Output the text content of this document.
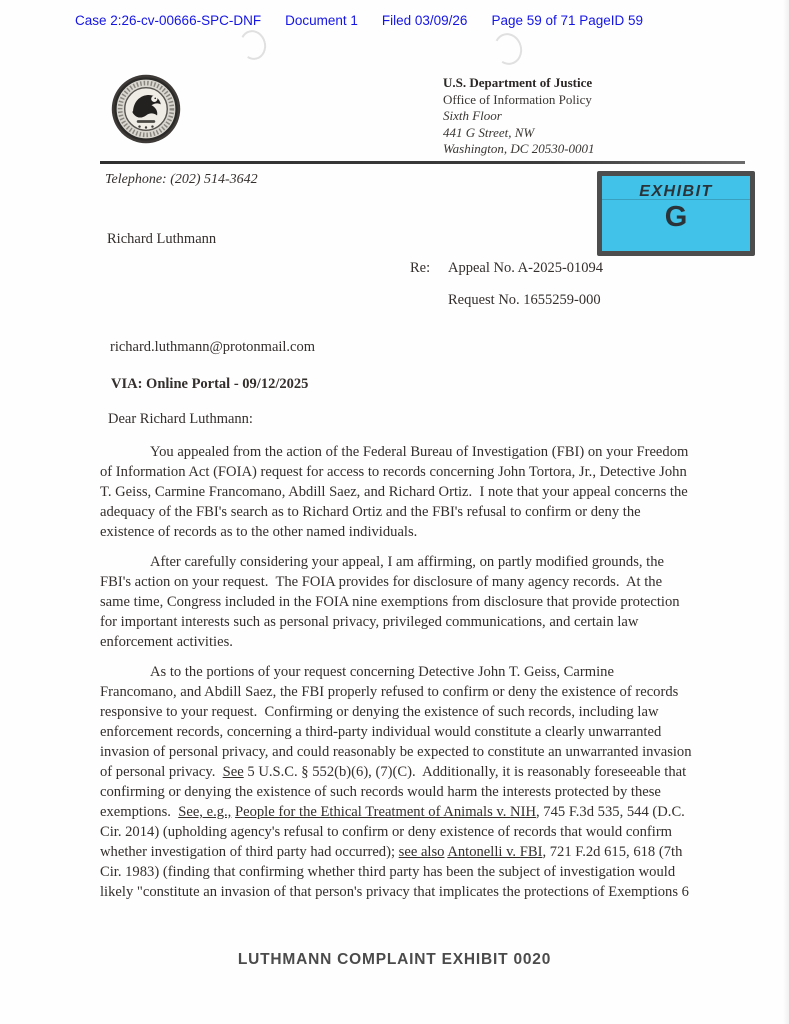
Case 2:26-cv-00666-SPC-DNF Document 1 Filed 03/09/26 Page 59 of 71 PageID 59
U.S. Department of Justice
Office of Information Policy
Sixth Floor
441 G Street, NW
Washington, DC 20530-0001
Telephone: (202) 514-3642
EXHIBIT
G
Richard Luthmann
Re:	Appeal No. A-2025-01094
Request No. 1655259-000
richard.luthmann@protonmail.com
VIA: Online Portal - 09/12/2025
Dear Richard Luthmann:

You appealed from the action of the Federal Bureau of Investigation (FBI) on your Freedom of Information Act (FOIA) request for access to records concerning John Tortora, Jr., Detective John T. Geiss, Carmine Francomano, Abdill Saez, and Richard Ortiz.  I note that your appeal concerns the adequacy of the FBI's search as to Richard Ortiz and the FBI's refusal to confirm or deny the existence of records as to the other named individuals.

After carefully considering your appeal, I am affirming, on partly modified grounds, the FBI's action on your request.  The FOIA provides for disclosure of many agency records.  At the same time, Congress included in the FOIA nine exemptions from disclosure that provide protection for important interests such as personal privacy, privileged communications, and certain law enforcement activities.

As to the portions of your request concerning Detective John T. Geiss, Carmine Francomano, and Abdill Saez, the FBI properly refused to confirm or deny the existence of records responsive to your request.  Confirming or denying the existence of such records, including law enforcement records, concerning a third-party individual would constitute a clearly unwarranted invasion of personal privacy, and could reasonably be expected to constitute an unwarranted invasion of personal privacy.  See 5 U.S.C. § 552(b)(6), (7)(C).  Additionally, it is reasonably foreseeable that confirming or denying the existence of such records would harm the interests protected by these exemptions.  See, e.g., People for the Ethical Treatment of Animals v. NIH, 745 F.3d 535, 544 (D.C. Cir. 2014) (upholding agency's refusal to confirm or deny existence of records that would confirm whether investigation of third party had occurred); see also Antonelli v. FBI, 721 F.2d 615, 618 (7th Cir. 1983) (finding that confirming whether third party has been the subject of investigation would likely "constitute an invasion of that person's privacy that implicates the protections of Exemptions 6

LUTHMANN COMPLAINT EXHIBIT 0020
